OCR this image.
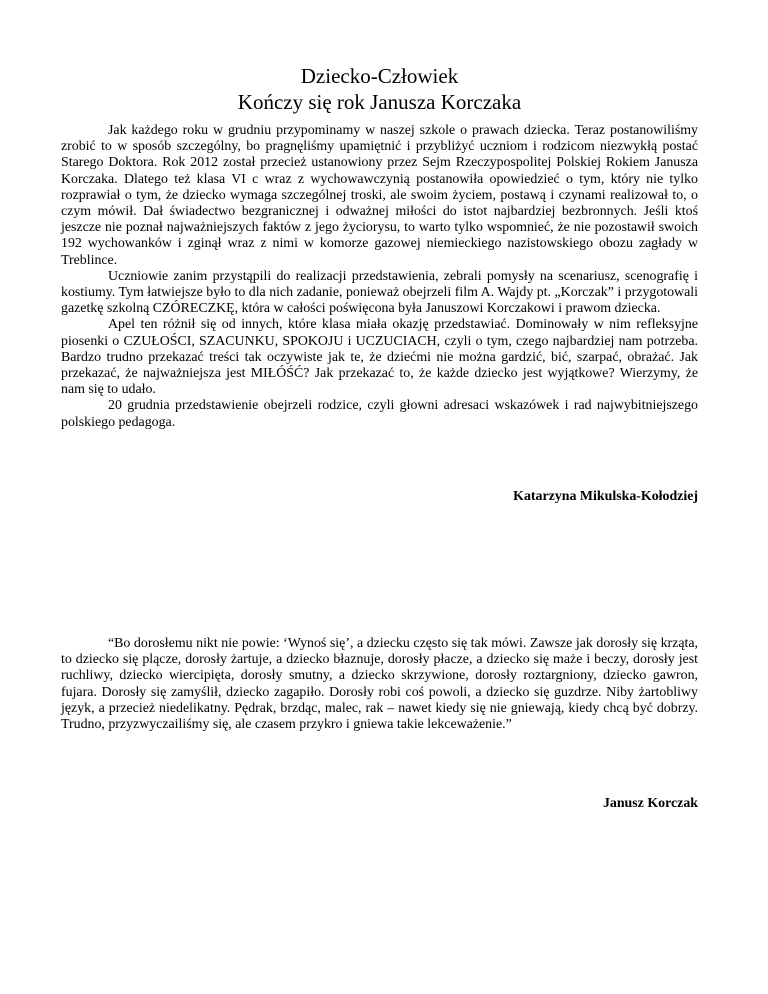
Dziecko-Człowiek
Kończy się rok Janusza Korczaka

Jak każdego roku w grudniu przypominamy w naszej szkole o prawach dziecka. Teraz postanowiliśmy zrobić to w sposób szczególny, bo pragnęliśmy upamiętnić i przybliżyć uczniom i rodzicom niezwykłą postać Starego Doktora. Rok 2012 został przecież ustanowiony przez Sejm Rzeczypospolitej Polskiej Rokiem Janusza Korczaka. Dlatego też klasa VI c wraz z wychowawczynią postanowiła opowiedzieć o tym, który nie tylko rozprawiał o tym, że dziecko wymaga szczególnej troski, ale swoim życiem, postawą i czynami realizował to, o czym mówił. Dał świadectwo bezgranicznej i odważnej miłości do istot najbardziej bezbronnych. Jeśli ktoś jeszcze nie poznał najważniejszych faktów z jego życiorysu, to warto tylko wspomnieć, że nie pozostawił swoich 192 wychowanków i zginął wraz z nimi w komorze gazowej niemieckiego nazistowskiego obozu zagłady w Treblince.

Uczniowie zanim przystąpili do realizacji przedstawienia, zebrali pomysły na scenariusz, scenografię i kostiumy. Tym łatwiejsze było to dla nich zadanie, ponieważ obejrzeli film A. Wajdy pt. „Korczak” i przygotowali gazetkę szkolną CZÓRECZKĘ, która w całości poświęcona była Januszowi Korczakowi i prawom dziecka.

Apel ten różnił się od innych, które klasa miała okazję przedstawiać. Dominowały w nim refleksyjne piosenki o CZUŁOŚCI, SZACUNKU, SPOKOJU i UCZUCIACH, czyli o tym, czego najbardziej nam potrzeba. Bardzo trudno przekazać treści tak oczywiste jak te, że dziećmi nie można gardzić, bić, szarpać, obrażać. Jak przekazać, że najważniejsza jest MIŁÓŚĆ? Jak przekazać to, że każde dziecko jest wyjątkowe? Wierzymy, że nam się to udało.

20 grudnia przedstawienie obejrzeli rodzice, czyli głowni adresaci wskazówek i rad najwybitniejszego polskiego pedagoga.

Katarzyna Mikulska-Kołodziej

“Bo dorosłemu nikt nie powie: ‘Wynoś się’, a dziecku często się tak mówi. Zawsze jak dorosły się krząta, to dziecko się plącze, dorosły żartuje, a dziecko błaznuje, dorosły płacze, a dziecko się maże i beczy, dorosły jest ruchliwy, dziecko wiercipięta, dorosły smutny, a dziecko skrzywione, dorosły roztargniony, dziecko gawron, fujara. Dorosły się zamyślił, dziecko zagapiło. Dorosły robi coś powoli, a dziecko się guzdrze. Niby żartobliwy język, a przecież niedelikatny. Pędrak, brzdąc, malec, rak – nawet kiedy się nie gniewają, kiedy chcą być dobrzy. Trudno, przyzwyczailiśmy się, ale czasem przykro i gniewa takie lekceważenie.”

Janusz Korczak
